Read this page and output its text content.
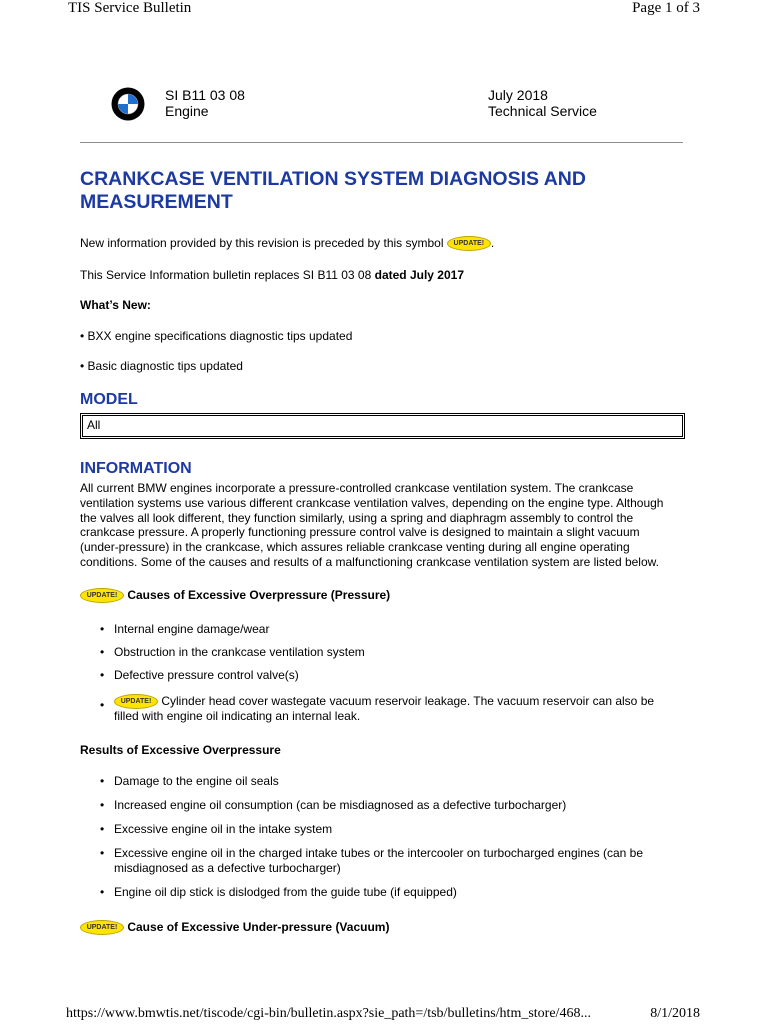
TIS Service Bulletin	Page 1 of 3
SI B11 03 08
Engine
July 2018
Technical Service
CRANKCASE VENTILATION SYSTEM DIAGNOSIS AND MEASUREMENT

New information provided by this revision is preceded by this symbol UPDATE! .

This Service Information bulletin replaces SI B11 03 08 dated July 2017

What’s New:

• BXX engine specifications diagnostic tips updated

• Basic diagnostic tips updated

MODEL
All
INFORMATION

All current BMW engines incorporate a pressure-controlled crankcase ventilation system. The crankcase ventilation systems use various different crankcase ventilation valves, depending on the engine type. Although the valves all look different, they function similarly, using a spring and diaphragm assembly to control the crankcase pressure. A properly functioning pressure control valve is designed to maintain a slight vacuum (under-pressure) in the crankcase, which assures reliable crankcase venting during all engine operating conditions. Some of the causes and results of a malfunctioning crankcase ventilation system are listed below.

UPDATE! Causes of Excessive Overpressure (Pressure)

• Internal engine damage/wear
• Obstruction in the crankcase ventilation system
• Defective pressure control valve(s)
•	UPDATE! Cylinder head cover wastegate vacuum reservoir leakage. The vacuum reservoir can also be filled with engine oil indicating an internal leak.

Results of Excessive Overpressure

• Damage to the engine oil seals
• Increased engine oil consumption (can be misdiagnosed as a defective turbocharger)
• Excessive engine oil in the intake system
• Excessive engine oil in the charged intake tubes or the intercooler on turbocharged engines (can be misdiagnosed as a defective turbocharger)
• Engine oil dip stick is dislodged from the guide tube (if equipped)

UPDATE! Cause of Excessive Under-pressure (Vacuum)

https://www.bmwtis.net/tiscode/cgi-bin/bulletin.aspx?sie_path=/tsb/bulletins/htm_store/468...	8/1/2018
